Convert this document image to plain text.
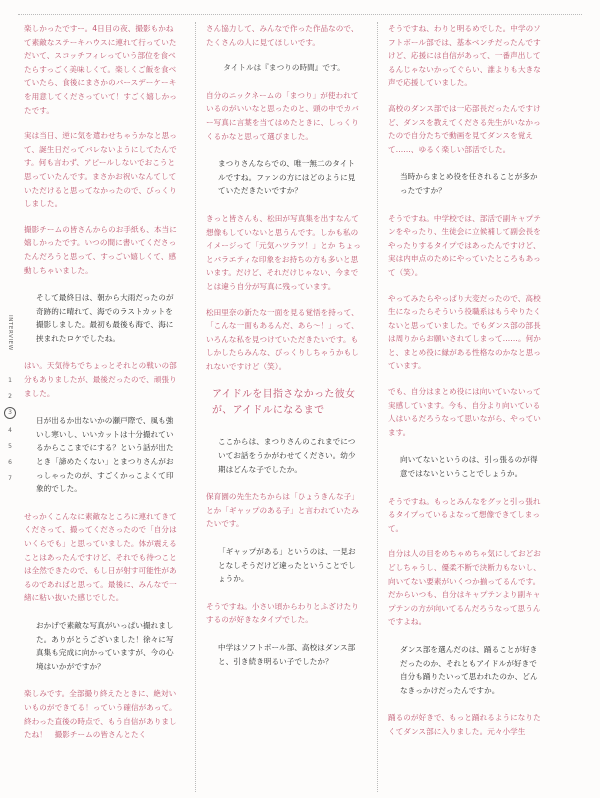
INTERVIEW
1
2
3
4
5
6
7

楽しかったですー。4日目の夜、撮影もかねて素敵なステーキハウスに連れて行っていただいて、スコッチフィレっていう部位を食べたらすっごく美味しくて。楽しくご飯を食べていたら、食後にまさかのバースデーケーキを用意してくださっていて！すごく嬉しかったです。

実は当日、逆に気を遣わせちゃうかなと思って、誕生日だってバレないようにしてたんです。何も言わず、アピールしないでおこうと思っていたんです。まさかお祝いなんてしていただけると思ってなかったので、びっくりしました。

撮影チームの皆さんからのお手紙も、本当に嬉しかったです。いつの間に書いてくださったんだろうと思って、すっごい嬉しくて、感動しちゃいました。

そして最終日は、朝から大雨だったのが奇跡的に晴れて、海でのラストカットを撮影しました。最初も最後も海で、海に挟まれたロケでしたね。

はい。天気待ちでちょっとそれとの戦いの部分もありましたが、最後だったので、頑張りました。

日が出るか出ないかの瀬戸際で、風も強いし寒いし、いいカットは十分撮れているからここまでにする？という話が出たとき「諦めたくない」とまつりさんがおっしゃったのが、すごくかっこよくて印象的でした。

せっかくこんなに素敵なところに連れてきてくださって、撮ってくださったので「自分はいくらでも」と思っていました。体が震えることはあったんですけど、それでも待つことは全然できたので、もし日が射す可能性があるのであればと思って。最後に、みんなで一緒に粘い抜いた感じでした。

おかげで素敵な写真がいっぱい撮れました。ありがとうございました！徐々に写真集も完成に向かっていますが、今の心境はいかがですか？

楽しみです。全部撮り終えたときに、絶対いいものができてる！っていう確信があって。終わった直後の時点で、もう自信がありましたね！　撮影チームの皆さんとたく

さん協力して、みんなで作った作品なので、たくさんの人に見てほしいです。

タイトルは『まつりの時間』です。

自分のニックネームの「まつり」が使われているのがいいなと思ったのと、頭の中でカバー写真に言葉を当てはめたときに、しっくりくるかなと思って選びました。

まつりさんならでの、唯一無二のタイトルですね。ファンの方にはどのように見ていただきたいですか？

きっと皆さんも、松田が写真集を出すなんて想像もしていないと思うんです。しかも私のイメージって「元気ハツラツ！」とか ちょっとバラエティな印象をお持ちの方も多いと思います。だけど、それだけじゃない、今までとは違う自分が写真に残っています。

松田里奈の新たな一面を見る覚悟を持って、「こんな一面もあるんだ、あら～！」って、いろんな私を見つけていただきたいです。もしかしたらみんな、びっくりしちゃうかもしれないですけど（笑）。

アイドルを目指さなかった彼女が、アイドルになるまで

ここからは、まつりさんのこれまでについてお話をうかがわせてください。幼少期はどんな子でしたか。

保育園の先生たちからは「ひょうきんな子」とか「ギャップのある子」と言われていたみたいです。

「ギャップがある」というのは、一見おとなしそうだけど違ったということでしょうか。

そうですね。小さい頃からわりとふざけたりするのが好きなタイプでした。

中学はソフトボール部、高校はダンス部と、引き続き明るい子でしたか？

そうですね、わりと明るめでした。中学のソフトボール部では、基本ベンチだったんですけど、応援には自信があって、一番声出してるんじゃないかってぐらい、誰よりも大きな声で応援していました。

高校のダンス部では一応部長だったんですけど、ダンスを教えてくださる先生がいなかったので自分たちで動画を見てダンスを覚えて……、ゆるく楽しい部活でした。

当時からまとめ役を任されることが多かったですか？

そうですね。中学校では、部活で副キャプテンをやったり、生徒会に立候補して副会長をやったりするタイプではあったんですけど、実は内申点のためにやっていたところもあって（笑）。

やってみたらやっぱり大変だったので、高校生になったらそういう役職系はもうやりたくないと思っていました。でもダンス部の部長は周りからお願いされてしまって……。何かと、まとめ役に縁がある性格なのかなと思っています。

でも、自分はまとめ役には向いていないって実感しています。今も、自分より向いている人はいるだろうなって思いながら、やっています。

向いてないというのは、引っ張るのが得意ではないということでしょうか。

そうですね。もっとみんなをグッと引っ張れるタイプっているよなって想像できてしまって。

自分は人の目をめちゃめちゃ気にしておどおどしちゃうし、優柔不断で決断力もないし、向いてない要素がいくつか揃ってるんです。だからいつも、自分はキャプテンより副キャプテンの方が向いてるんだろうなって思うんですよね。

ダンス部を選んだのは、踊ることが好きだったのか、それともアイドルが好きで自分も踊りたいって思われたのか、どんなきっかけだったんですか。

踊るのが好きで、もっと踊れるようになりたくてダンス部に入りました。元々小学生
